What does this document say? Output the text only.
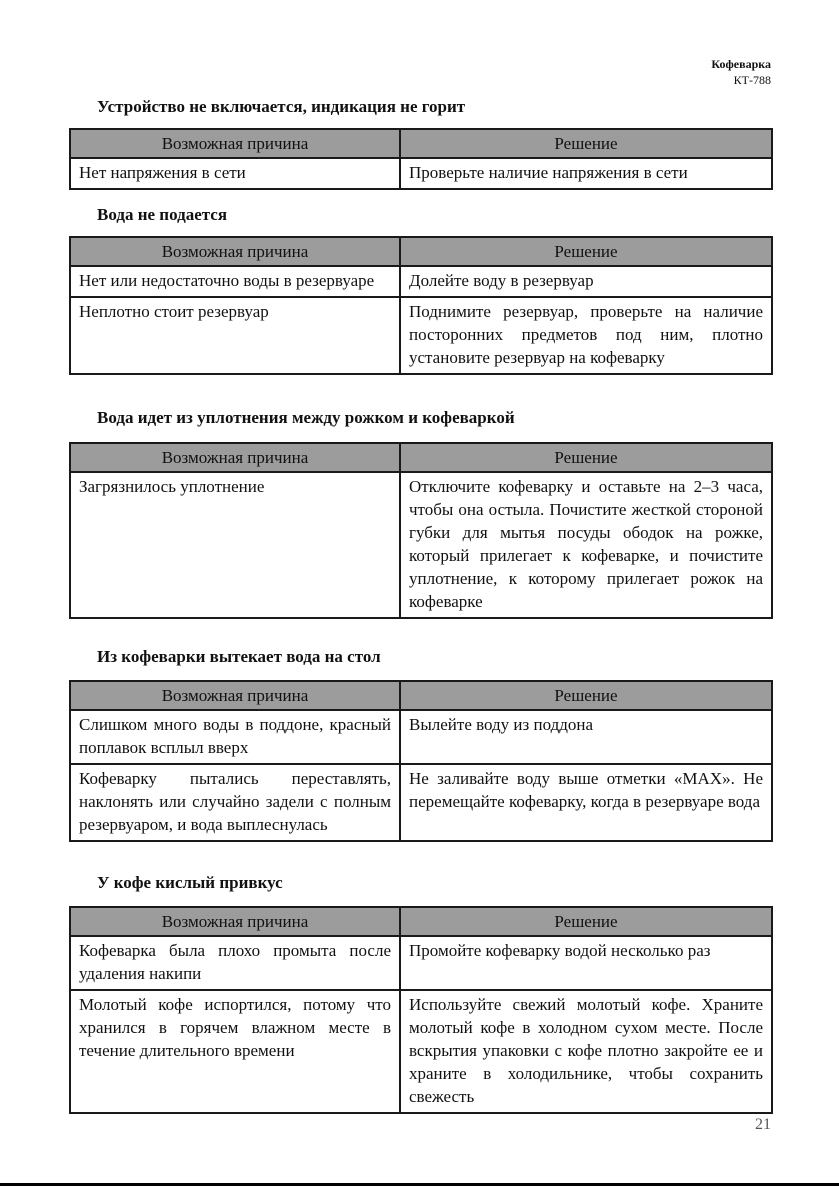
Кофеварка
КТ-788
Устройство не включается, индикация не горит
Возможная причина	Решение
Нет напряжения в сети	Проверьте наличие напряжения в сети
Вода не подается
Возможная причина	Решение
Нет или недостаточно воды в резервуаре	Долейте воду в резервуар
Неплотно стоит резервуар	Поднимите резервуар, проверьте на наличие посторонних предметов под ним, плотно установите резервуар на кофеварку
Вода идет из уплотнения между рожком и кофеваркой
Возможная причина	Решение
Загрязнилось уплотнение	Отключите кофеварку и оставьте на 2–3 часа, чтобы она остыла. Почистите жесткой стороной губки для мытья посуды ободок на рожке, который прилегает к кофеварке, и почистите уплотнение, к которому прилегает рожок на кофеварке
Из кофеварки вытекает вода на стол
Возможная причина	Решение
Слишком много воды в поддоне, красный поплавок всплыл вверх	Вылейте воду из поддона
Кофеварку пытались переставлять, наклонять или случайно задели с полным резервуаром, и вода выплеснулась	Не заливайте воду выше отметки «MAX». Не перемещайте кофеварку, когда в резервуаре вода
У кофе кислый привкус
Возможная причина	Решение
Кофеварка была плохо промыта после удаления накипи	Промойте кофеварку водой несколько раз
Молотый кофе испортился, потому что хранился в горячем влажном месте в течение длительного времени	Используйте свежий молотый кофе. Храните молотый кофе в холодном сухом месте. После вскрытия упаковки с кофе плотно закройте ее и храните в холодильнике, чтобы сохранить свежесть
21
